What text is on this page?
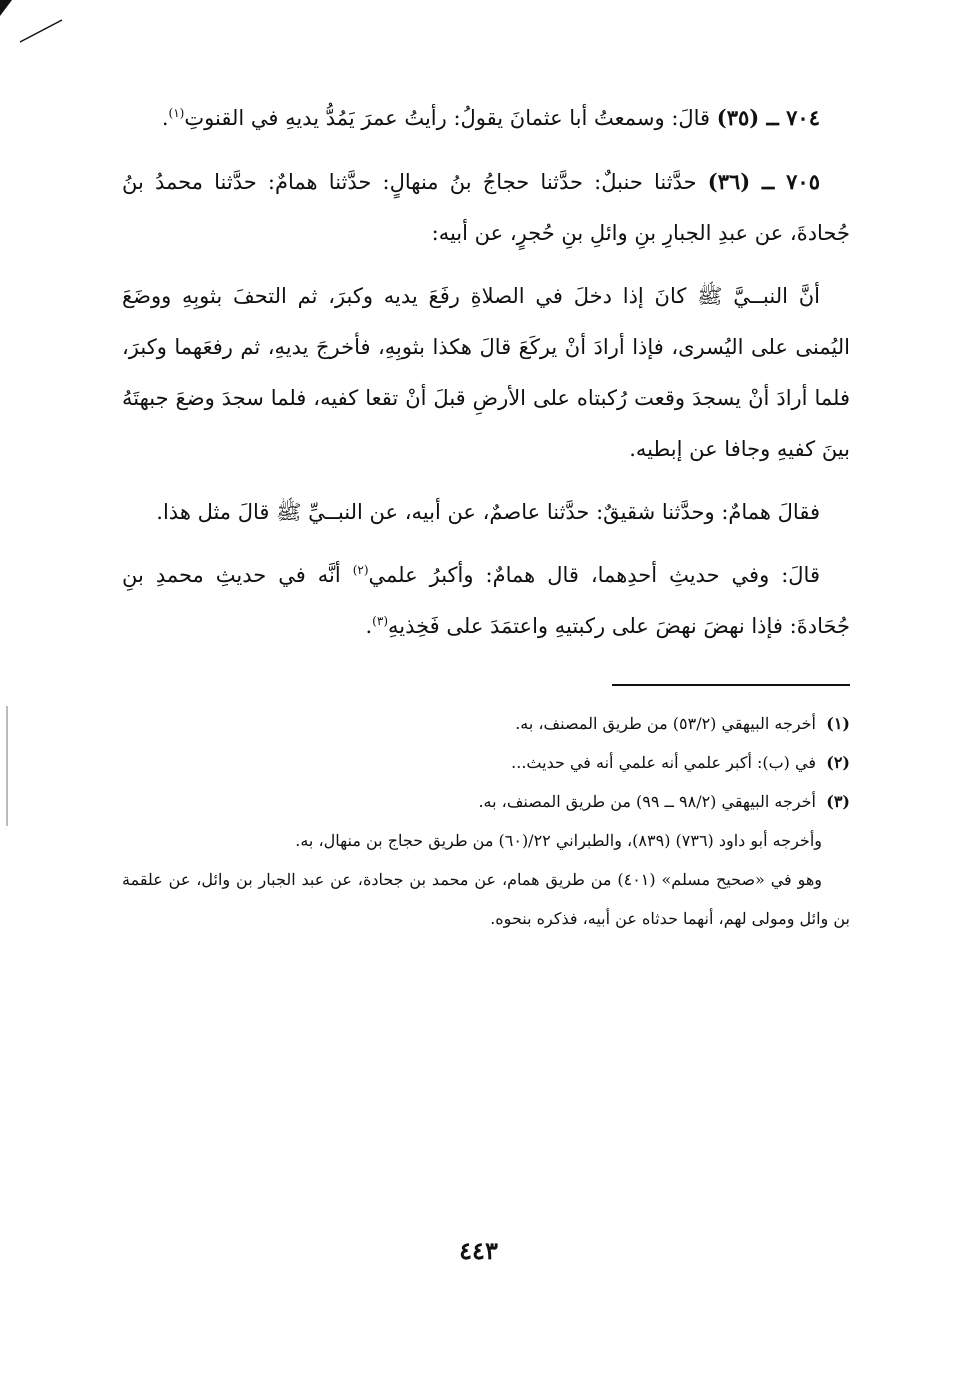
٧٠٤ ــ (٣٥) قالَ: وسمعتُ أبا عثمانَ يقولُ: رأيتُ عمرَ يَمُدُّ يديهِ في القنوتِ$^{(١)}$.

٧٠٥ ــ (٣٦) حدَّثنا حنبلٌ: حدَّثنا حجاجُ بنُ منهالٍ: حدَّثنا همامٌ: حدَّثنا محمدُ بنُ جُحادةَ، عن عبدِ الجبارِ بنِ وائلِ بنِ حُجرٍ، عن أبيه:

أنَّ النبــيَّ ﷺ كانَ إذا دخلَ في الصلاةِ رفَعَ يديه وكبرَ، ثم التحفَ بثوبِهِ ووضَعَ اليُمنى على اليُسرى، فإذا أرادَ أنْ يركَعَ قالَ هكذا بثوبِهِ، فأخرجَ يديهِ، ثم رفعَهما وكبرَ، فلما أرادَ أنْ يسجدَ وقعت رُكبتاه على الأرضِ قبلَ أنْ تقعا كفيه، فلما سجدَ وضعَ جبهتَهُ بينَ كفيهِ وجافا عن إبطيه.

فقالَ همامٌ: وحدَّثنا شقيقٌ: حدَّثنا عاصمٌ، عن أبيه، عن النبــيِّ ﷺ قالَ مثل هذا.

قالَ: وفي حديثِ أحدِهما، قال همامٌ: وأكبرُ علمي$^{(٢)}$ أنَّه في حديثِ محمدِ بنِ جُحَادةَ: فإذا نهضَ نهضَ على ركبتيهِ واعتمَدَ على فَخِذيهِ$^{(٣)}$.

(١)أخرجه البيهقي (٥٣/٢) من طريق المصنف، به.

(٢)في (ب): أكبر علمي أنه علمي أنه في حديث...

(٣)أخرجه البيهقي (٩٨/٢ ــ ٩٩) من طريق المصنف، به.

وأخرجه أبو داود (٧٣٦) (٨٣٩)، والطبراني ٢٢/(٦٠) من طريق حجاج بن منهال، به.

وهو في «صحيح مسلم» (٤٠١) من طريق همام، عن محمد بن جحادة، عن عبد الجبار بن وائل، عن علقمة بن وائل ومولى لهم، أنهما حدثاه عن أبيه، فذكره بنحوه.

٤٤٣
